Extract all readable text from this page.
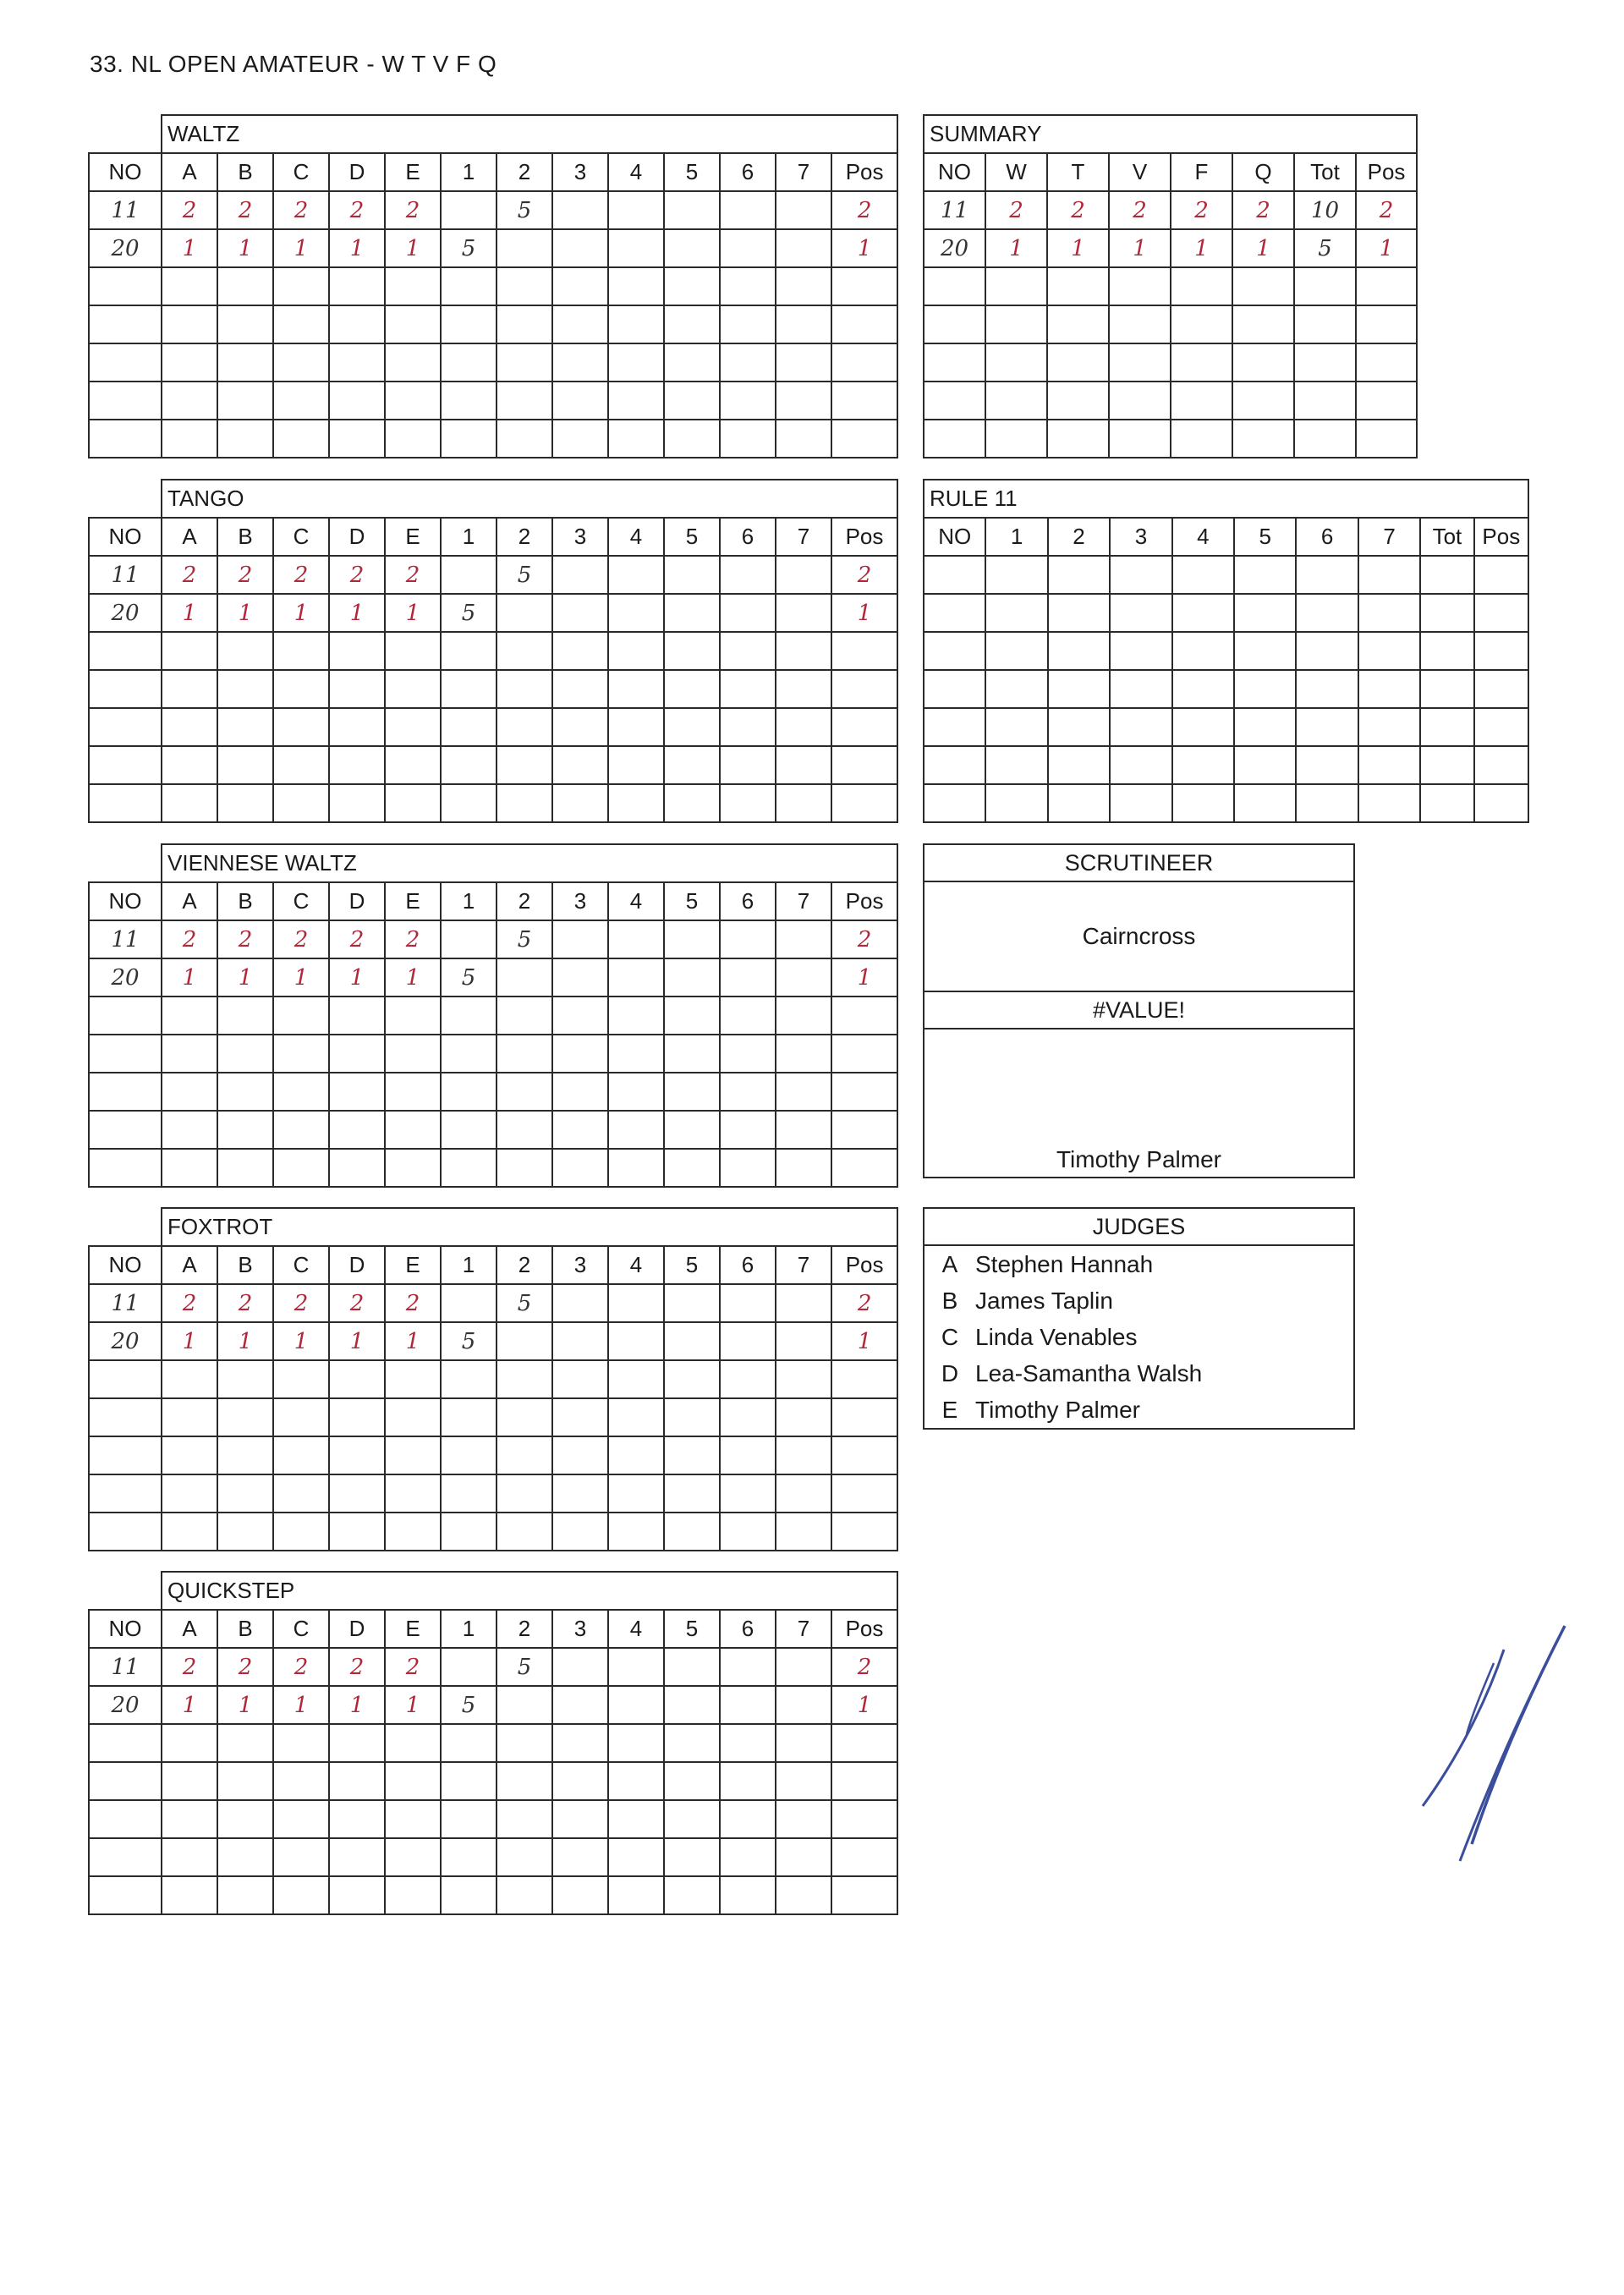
33. NL OPEN AMATEUR - W T V F Q
	WALTZ												
NO	A	B	C	D	E	1	2	3	4	5	6	7	Pos
11	2	2	2	2	2		5						2
20	1	1	1	1	1	5							1

	TANGO												
NO	A	B	C	D	E	1	2	3	4	5	6	7	Pos
11	2	2	2	2	2		5						2
20	1	1	1	1	1	5							1

	VIENNESE WALTZ												
NO	A	B	C	D	E	1	2	3	4	5	6	7	Pos
11	2	2	2	2	2		5						2
20	1	1	1	1	1	5							1

	FOXTROT												
NO	A	B	C	D	E	1	2	3	4	5	6	7	Pos
11	2	2	2	2	2		5						2
20	1	1	1	1	1	5							1

	QUICKSTEP												
NO	A	B	C	D	E	1	2	3	4	5	6	7	Pos
11	2	2	2	2	2		5						2
20	1	1	1	1	1	5							1

SUMMARY							
NO	W	T	V	F	Q	Tot	Pos
11	2	2	2	2	2	10	2
20	1	1	1	1	1	5	1

RULE 11									
NO	1	2	3	4	5	6	7	Tot	Pos

SCRUTINEER
Cairncross
#VALUE!
Timothy Palmer
JUDGES

A	Stephen Hannah
B	James Taplin
C	Linda Venables
D	Lea-Samantha Walsh
E	Timothy Palmer
